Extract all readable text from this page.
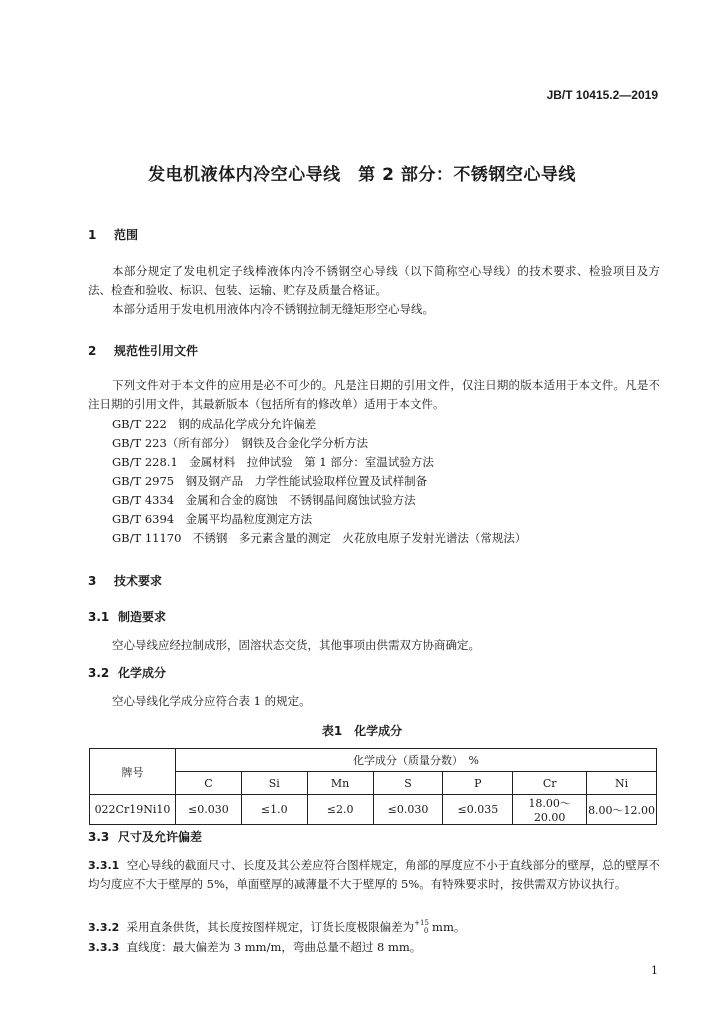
JB/T 10415.2—2019
发电机液体内冷空心导线　第 2 部分：不锈钢空心导线
1 范围
本部分规定了发电机定子线棒液体内冷不锈钢空心导线（以下简称空心导线）的技术要求、检验项目及方法、检查和验收、标识、包装、运输、贮存及质量合格证。
本部分适用于发电机用液体内冷不锈钢拉制无缝矩形空心导线。
2 规范性引用文件
下列文件对于本文件的应用是必不可少的。凡是注日期的引用文件，仅注日期的版本适用于本文件。凡是不注日期的引用文件，其最新版本（包括所有的修改单）适用于本文件。
GB/T 222　钢的成品化学成分允许偏差
GB/T 223（所有部分）　钢铁及合金化学分析方法
GB/T 228.1　金属材料　拉伸试验　第 1 部分：室温试验方法
GB/T 2975　钢及钢产品　力学性能试验取样位置及试样制备
GB/T 4334　金属和合金的腐蚀　不锈钢晶间腐蚀试验方法
GB/T 6394　金属平均晶粒度测定方法
GB/T 11170　不锈钢　多元素含量的测定　火花放电原子发射光谱法（常规法）
3 技术要求
3.1 制造要求
空心导线应经拉制成形，固溶状态交货，其他事项由供需双方协商确定。
3.2 化学成分
空心导线化学成分应符合表 1 的规定。
表1　化学成分
牌号	化学成分（质量分数）　%						
	C	Si	Mn	S	P	Cr	Ni
022Cr19Ni10	≤0.030	≤1.0	≤2.0	≤0.030	≤0.035	18.00～20.00	8.00～12.00
3.3 尺寸及允许偏差
3.3.1 空心导线的截面尺寸、长度及其公差应符合图样规定，角部的厚度应不小于直线部分的壁厚，总的壁厚不均匀度应不大于壁厚的 5%，单面壁厚的减薄量不大于壁厚的 5%。有特殊要求时，按供需双方协议执行。
3.3.2 采用直条供货，其长度按图样规定，订货长度极限偏差为$^{+15}_0$ mm。
3.3.3 直线度：最大偏差为 3 mm/m，弯曲总量不超过 8 mm。
1
